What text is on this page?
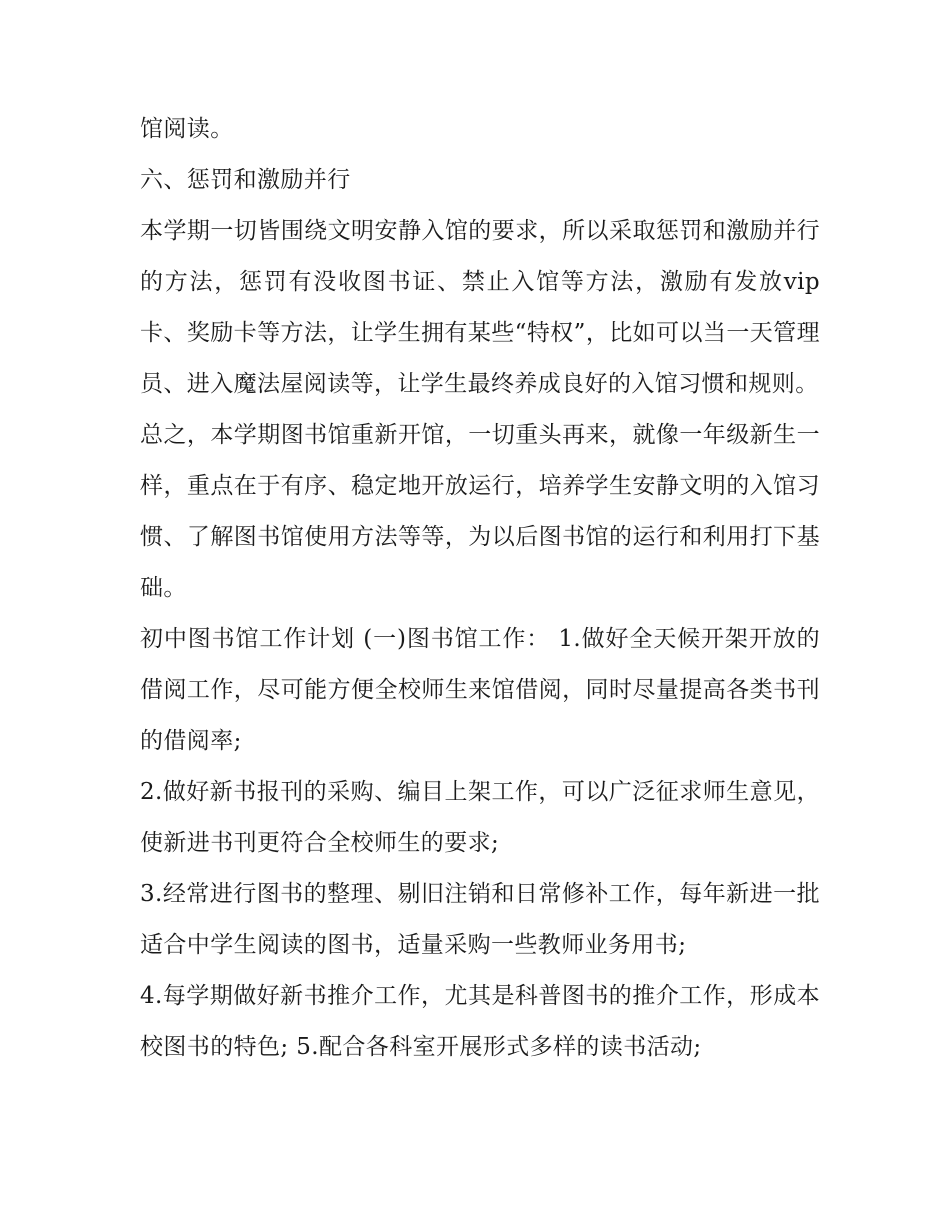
馆阅读。

六、惩罚和激励并行

本学期一切皆围绕文明安静入馆的要求，所以采取惩罚和激励并行的方法，惩罚有没收图书证、禁止入馆等方法，激励有发放vip卡、奖励卡等方法，让学生拥有某些“特权”，比如可以当一天管理员、进入魔法屋阅读等，让学生最终养成良好的入馆习惯和规则。

总之，本学期图书馆重新开馆，一切重头再来，就像一年级新生一样，重点在于有序、稳定地开放运行，培养学生安静文明的入馆习惯、了解图书馆使用方法等等，为以后图书馆的运行和利用打下基础。

初中图书馆工作计划 (一)图书馆工作： 1.做好全天候开架开放的借阅工作，尽可能方便全校师生来馆借阅，同时尽量提高各类书刊的借阅率;

2.做好新书报刊的采购、编目上架工作，可以广泛征求师生意见，使新进书刊更符合全校师生的要求;

3.经常进行图书的整理、剔旧注销和日常修补工作，每年新进一批适合中学生阅读的图书，适量采购一些教师业务用书;

4.每学期做好新书推介工作，尤其是科普图书的推介工作，形成本校图书的特色; 5.配合各科室开展形式多样的读书活动;
